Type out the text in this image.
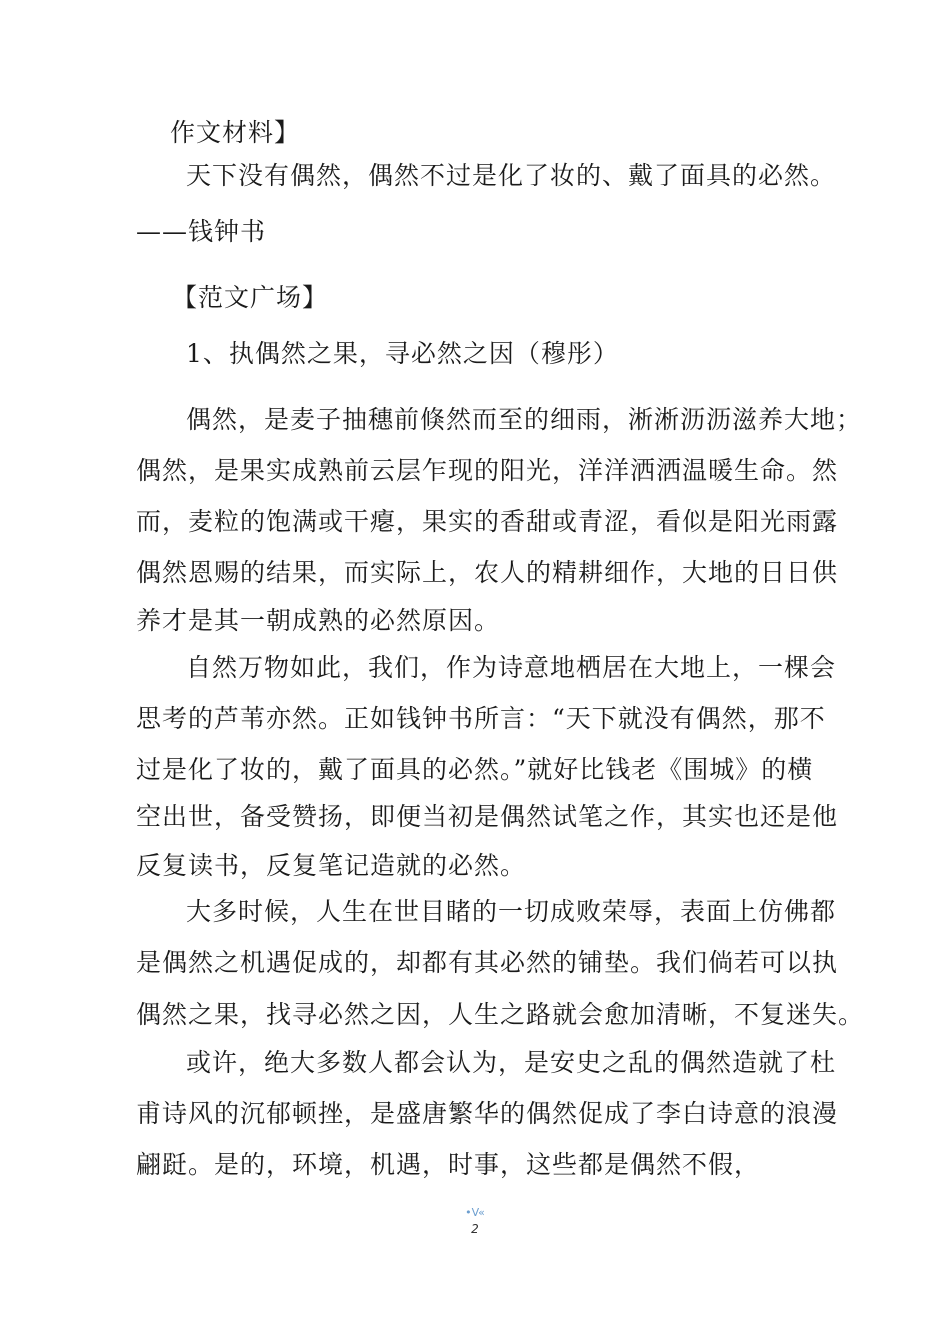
作文材料】
天下没有偶然，偶然不过是化了妆的、戴了面具的必然。
——钱钟书
【范文广场】
1、执偶然之果，寻必然之因（穆彤）
偶然，是麦子抽穗前倏然而至的细雨，淅淅沥沥滋养大地；
偶然，是果实成熟前云层乍现的阳光，洋洋洒洒温暖生命。然
而，麦粒的饱满或干瘪，果实的香甜或青涩，看似是阳光雨露
偶然恩赐的结果，而实际上，农人的精耕细作，大地的日日供
养才是其一朝成熟的必然原因。
自然万物如此，我们，作为诗意地栖居在大地上，一棵会
思考的芦苇亦然。正如钱钟书所言：“天下就没有偶然，那不
过是化了妆的，戴了面具的必然。”就好比钱老《围城》的横
空出世，备受赞扬，即便当初是偶然试笔之作，其实也还是他
反复读书，反复笔记造就的必然。
大多时候，人生在世目睹的一切成败荣辱，表面上仿佛都
是偶然之机遇促成的，却都有其必然的铺垫。我们倘若可以执
偶然之果，找寻必然之因，人生之路就会愈加清晰，不复迷失。
或许，绝大多数人都会认为，是安史之乱的偶然造就了杜
甫诗风的沉郁顿挫，是盛唐繁华的偶然促成了李白诗意的浪漫
翩跹。是的，环境，机遇，时事，这些都是偶然不假，
•V«
2
